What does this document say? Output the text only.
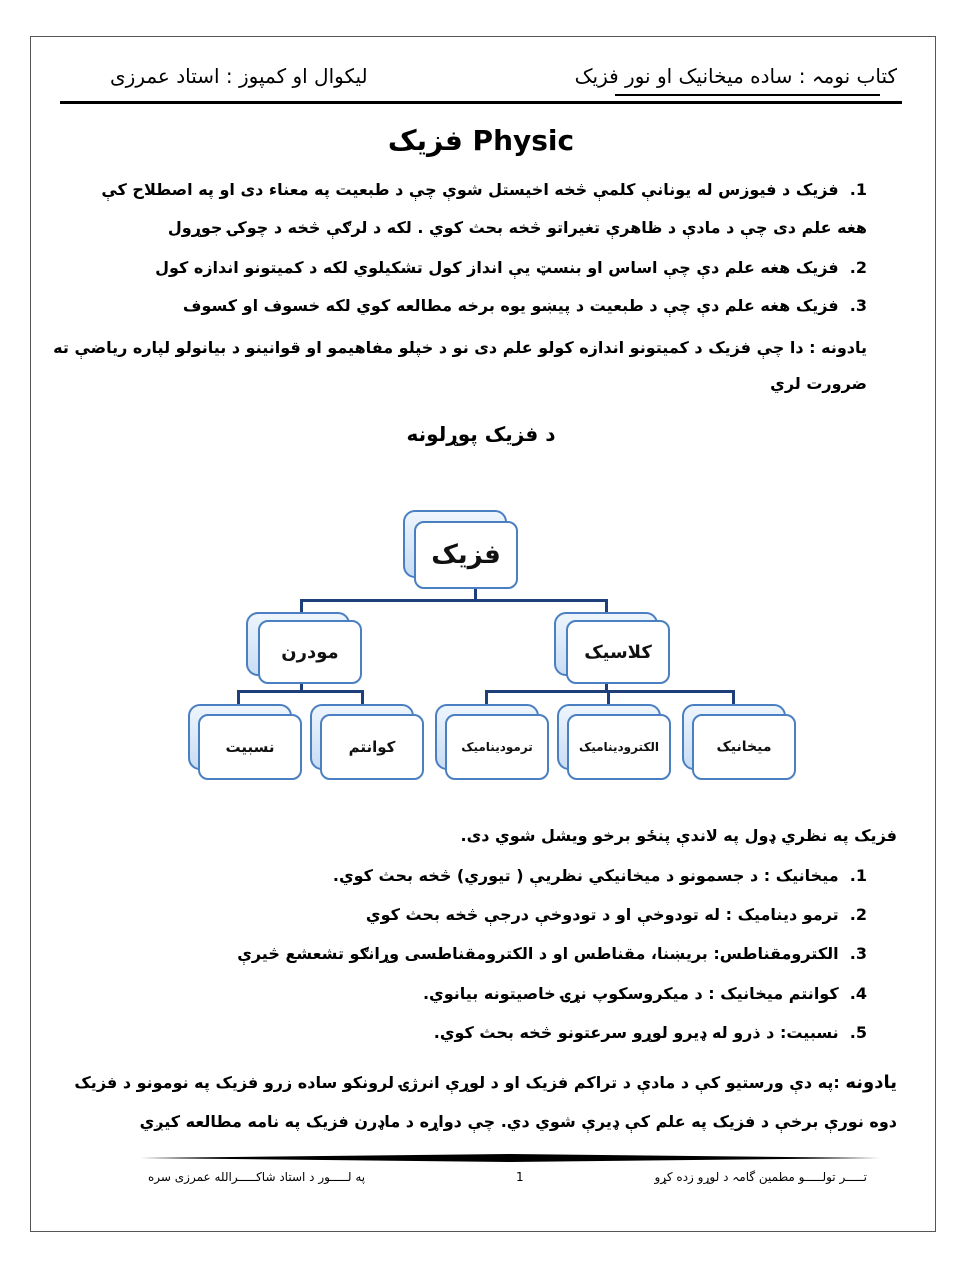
کتاب نومہ : ساده میخانیک او نور فزیک
لیکوال او کمپوز : استاد عمرزی
فزیک Physic
1.  فزیک د فیوزس له یونانې کلمې څخه اخیستل شوې چې د طبعیت په معناء دی او په اصطلاح کې
هغه علم دی چې د مادې د ظاهرې تغیراتو څخه بحث کوي . لکه د لرګې څخه د چوکۍ جوړول
2.  فزیک هغه علم دې چې اساس او بنسټ یې انداز کول تشکیلوي لکه د کمیتونو اندازه کول
3.  فزیک هغه علم دې چې د طبعیت د پیښو یوه برخه مطالعه کوي لکه خسوف او کسوف
یادونه : دا چې فزیک د کمیتونو اندازه کولو علم دی نو د خپلو مفاهیمو او قوانینو د بیانولو لپاره ریاضې ته
ضرورت لري
د فزیک پوړلونه
فزیک
مودرن	کلاسیک
نسبیت	کوانتم	ترمودینامیک	الکترودینامیک	میخانیک
فزیک په نظري ډول په لاندې پنځو برخو ویشل شوي دی.
1.  میخانیک : د جسمونو د میخانیکي نظریې ( تیوري) څخه بحث کوي.
2.  ترمو دینامیک : له تودوخې او د تودوخې درجې څخه بحث کوي
3.  الکترومقناطس: بریښنا، مقناطس او د الکترومقناطسی وړانګو تشعشع څیرې
4.  کوانتم میخانیک : د میکروسکوپ نړۍ خاصیتونه بیانوي.
5.  نسبیت: د ذرو له ډیرو لوړو سرعتونو څخه بحث کوي.
یادونه :په دې ورستیو کې د مادې د تراکم فزیک او د لوړې انرژۍ لرونکو ساده زرو فزیک په نومونو د فزیک
دوه نورې برخې د فزیک په علم کې ډیرې شوي دي. چې دواړه د ماډرن فزیک په نامه مطالعه کیږي
په لـــــور د استاد شاکـــــرالله عمرزی سره	1	تـــــر تولـــــو مطمین گامہ د لوړو زده کړو
